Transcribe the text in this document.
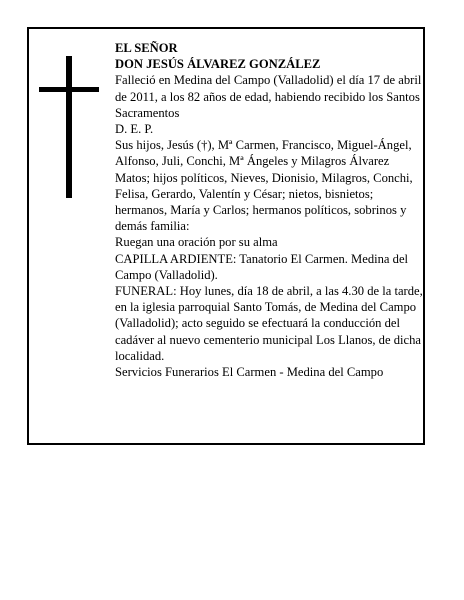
EL SEÑOR

DON JESÚS ÁLVAREZ GONZÁLEZ

Falleció en Medina del Campo (Valladolid) el día 17 de abril de 2011, a los 82 años de edad, habiendo recibido los Santos Sacramentos

D. E. P.

Sus hijos, Jesús (†), Mª Carmen, Francisco, Miguel-Ángel, Alfonso, Juli, Conchi, Mª Ángeles y Milagros Álvarez Matos; hijos políticos, Nieves, Dionisio, Milagros, Conchi, Felisa, Gerardo, Valentín y César; nietos, bisnietos; hermanos, María y Carlos; hermanos políticos, sobrinos y demás familia:

Ruegan una oración por su alma

CAPILLA ARDIENTE: Tanatorio El Carmen. Medina del Campo (Valladolid).

FUNERAL: Hoy lunes, día 18 de abril, a las 4.30 de la tarde, en la iglesia parroquial Santo Tomás, de Medina del Campo (Valladolid); acto seguido se efectuará la conducción del cadáver al nuevo cementerio municipal Los Llanos, de dicha localidad.

Servicios Funerarios El Carmen - Medina del Campo
